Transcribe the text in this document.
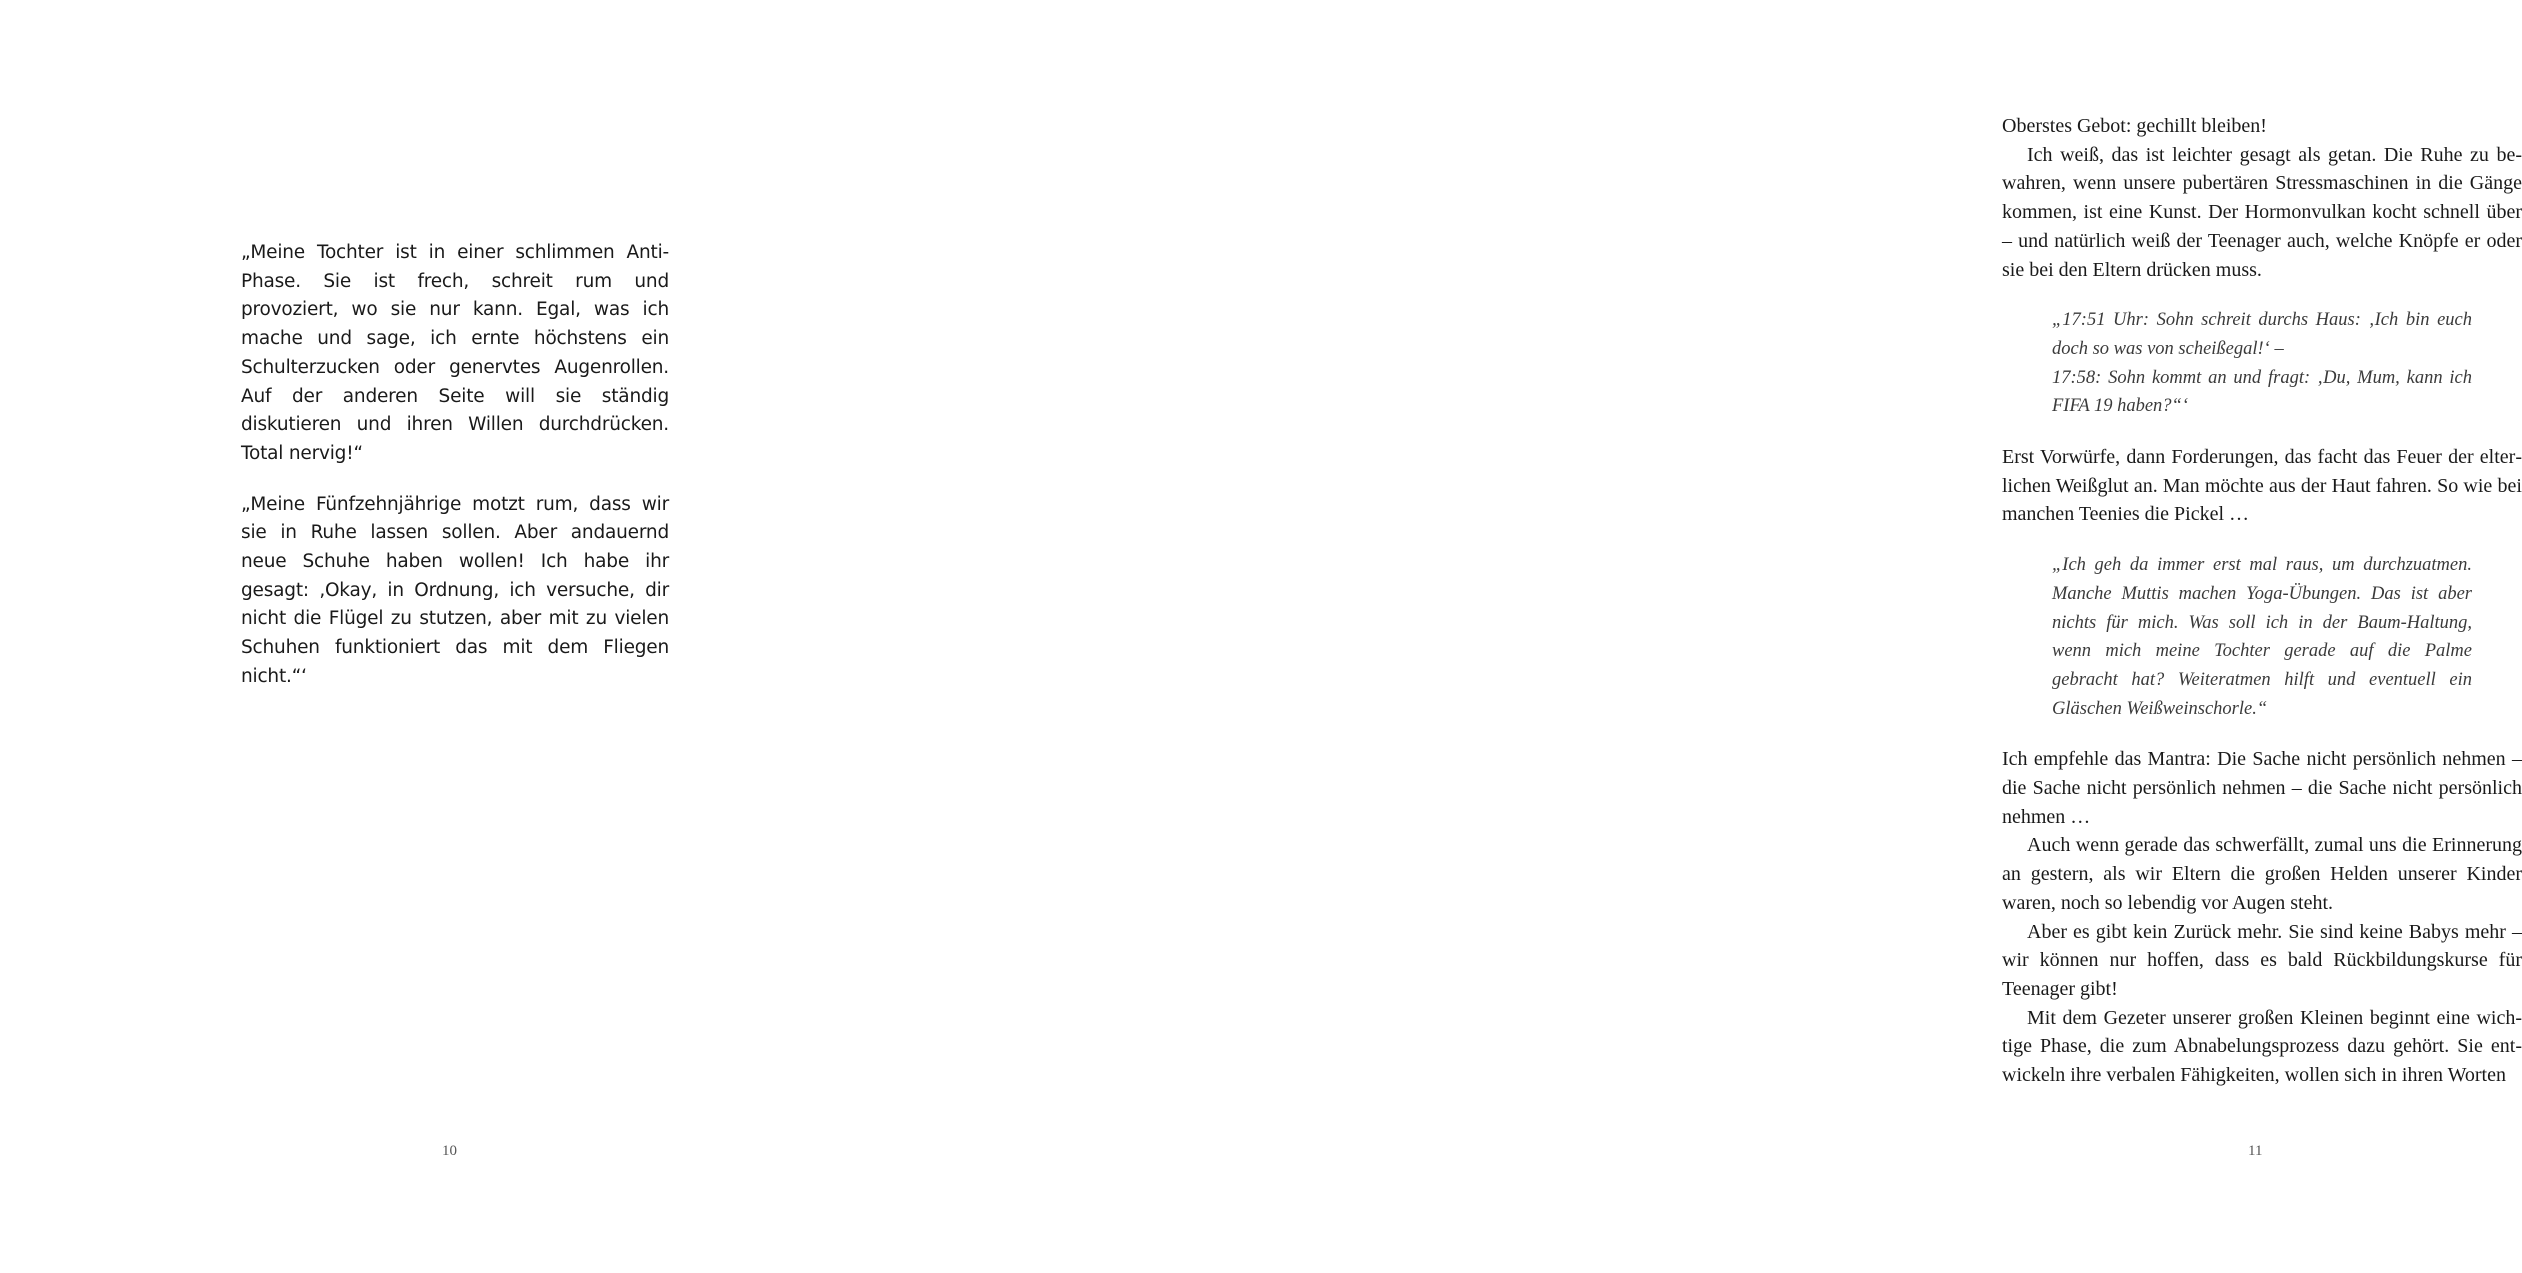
„Meine Tochter ist in einer schlimmen Anti-Phase. Sie ist frech, schreit rum und provoziert, wo sie nur kann. Egal, was ich mache und sage, ich ernte höchstens ein Schulterzucken oder genervtes Augenrollen. Auf der anderen Seite will sie ständig diskutieren und ihren Willen durchdrücken. Total nervig!“

„Meine Fünfzehnjährige motzt rum, dass wir sie in Ruhe lassen sollen. Aber andauernd neue Schuhe haben wollen! Ich habe ihr gesagt: ‚Okay, in Ordnung, ich versuche, dir nicht die Flügel zu stutzen, aber mit zu vielen Schuhen funktioniert das mit dem Fliegen nicht.“‘

10

Oberstes Gebot: gechillt bleiben!

Ich weiß, das ist leichter gesagt als getan. Die Ruhe zu bewahren, wenn unsere pubertären Stressmaschinen in die Gänge kommen, ist eine Kunst. Der Hormonvulkan kocht schnell über – und natürlich weiß der Teenager auch, welche Knöpfe er oder sie bei den Eltern drücken muss.

„17:51 Uhr: Sohn schreit durchs Haus: ‚Ich bin euch doch so was von scheißegal!‘ –

17:58: Sohn kommt an und fragt: ‚Du, Mum, kann ich FIFA 19 haben?“‘

Erst Vorwürfe, dann Forderungen, das facht das Feuer der elterlichen Weißglut an. Man möchte aus der Haut fahren. So wie bei manchen Teenies die Pickel …

„Ich geh da immer erst mal raus, um durchzuatmen. Manche Muttis machen Yoga-Übungen. Das ist aber nichts für mich. Was soll ich in der Baum-Haltung, wenn mich meine Tochter gerade auf die Palme gebracht hat? Weiteratmen hilft und eventuell ein Gläschen Weißweinschorle.“

Ich empfehle das Mantra: Die Sache nicht persönlich nehmen – die Sache nicht persönlich nehmen – die Sache nicht persönlich nehmen …

Auch wenn gerade das schwerfällt, zumal uns die Erinnerung an gestern, als wir Eltern die großen Helden unserer Kinder waren, noch so lebendig vor Augen steht.

Aber es gibt kein Zurück mehr. Sie sind keine Babys mehr – wir können nur hoffen, dass es bald Rückbildungskurse für Teenager gibt!

Mit dem Gezeter unserer großen Kleinen beginnt eine wichtige Phase, die zum Abnabelungsprozess dazu gehört. Sie entwickeln ihre verbalen Fähigkeiten, wollen sich in ihren Worten

11
